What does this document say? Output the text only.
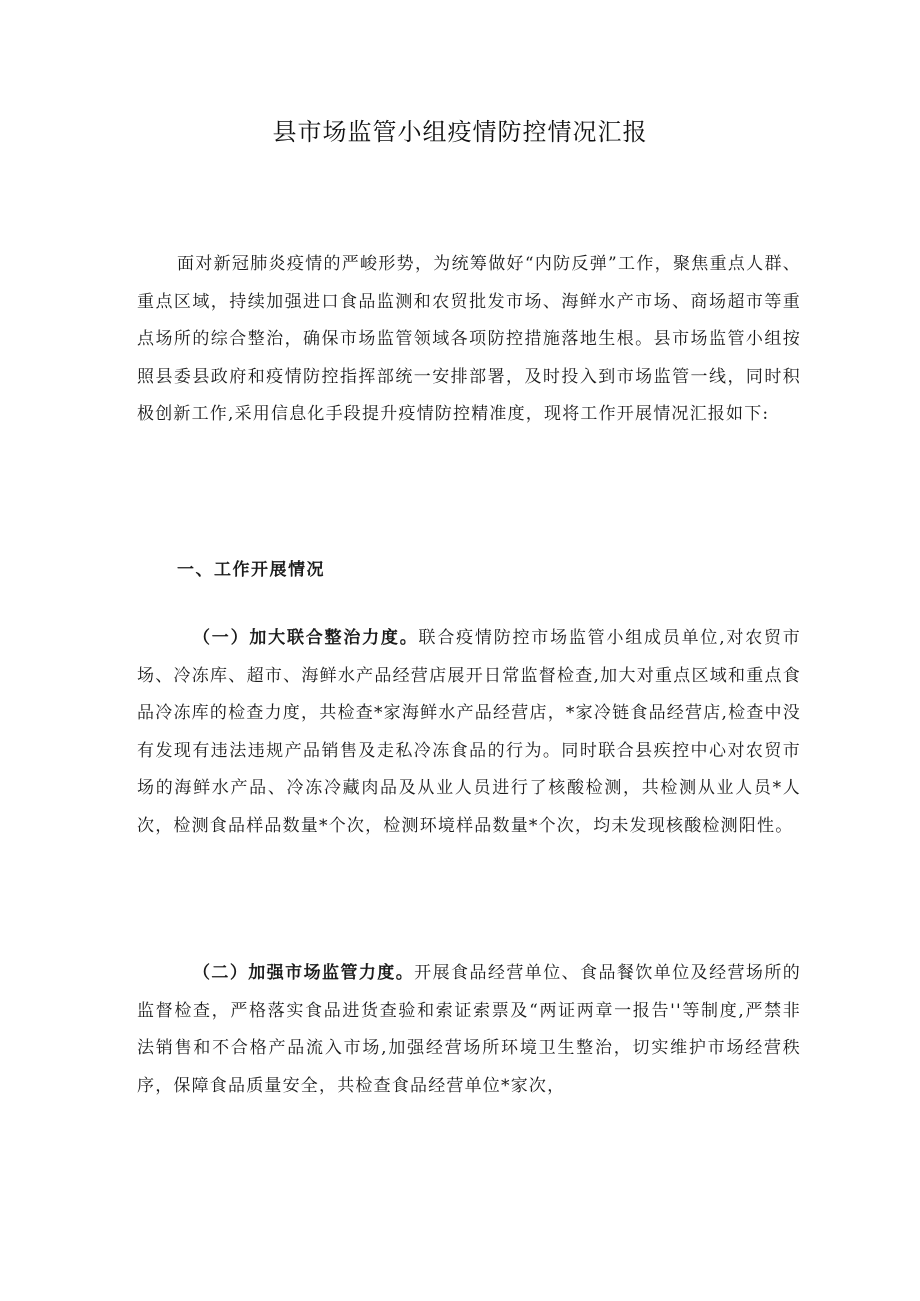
县市场监管小组疫情防控情况汇报

面对新冠肺炎疫情的严峻形势，为统筹做好“内防反弹”工作，聚焦重点人群、重点区域，持续加强进口食品监测和农贸批发市场、海鲜水产市场、商场超市等重点场所的综合整治，确保市场监管领域各项防控措施落地生根。县市场监管小组按照县委县政府和疫情防控指挥部统一安排部署，及时投入到市场监管一线，同时积极创新工作,采用信息化手段提升疫情防控精准度，现将工作开展情况汇报如下:

一、工作开展情况

（一）加大联合整治力度。联合疫情防控市场监管小组成员单位,对农贸市场、冷冻库、超市、海鲜水产品经营店展开日常监督检查,加大对重点区域和重点食品冷冻库的检查力度，共检查*家海鲜水产品经营店，*家冷链食品经营店,检查中没有发现有违法违规产品销售及走私冷冻食品的行为。同时联合县疾控中心对农贸市场的海鲜水产品、冷冻冷藏肉品及从业人员进行了核酸检测，共检测从业人员*人次，检测食品样品数量*个次，检测环境样品数量*个次，均未发现核酸检测阳性。

（二）加强市场监管力度。开展食品经营单位、食品餐饮单位及经营场所的监督检查，严格落实食品进货查验和索证索票及“两证两章一报告''等制度,严禁非法销售和不合格产品流入市场,加强经营场所环境卫生整治，切实维护市场经营秩序，保障食品质量安全，共检查食品经营单位*家次，
